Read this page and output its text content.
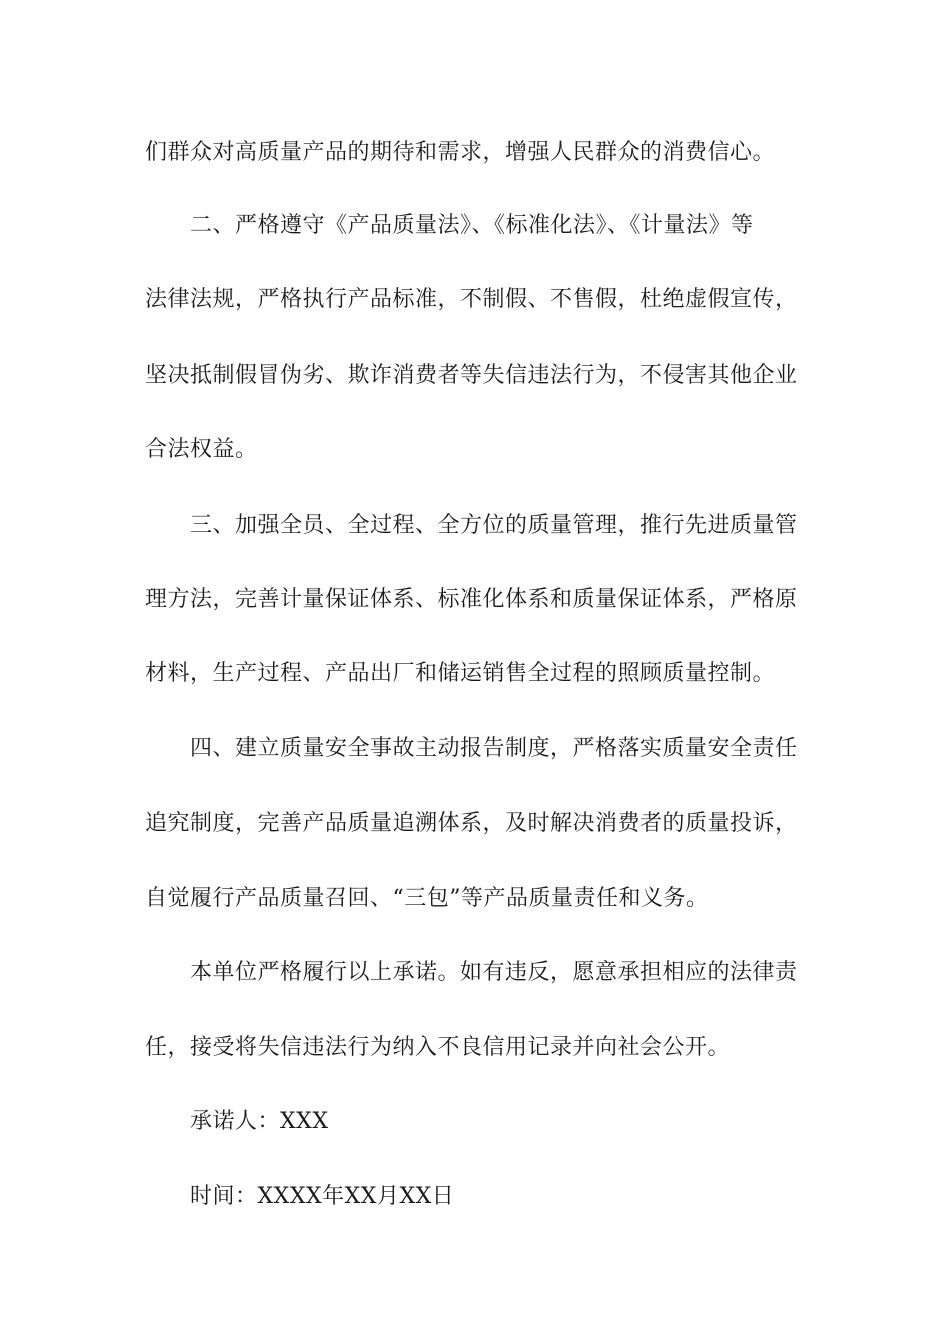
们群众对高质量产品的期待和需求，增强人民群众的消费信心。
二、严格遵守《产品质量法》、《标准化法》、《计量法》等
法律法规，严格执行产品标准，不制假、不售假，杜绝虚假宣传，
坚决抵制假冒伪劣、欺诈消费者等失信违法行为，不侵害其他企业
合法权益。
三、加强全员、全过程、全方位的质量管理，推行先进质量管
理方法，完善计量保证体系、标准化体系和质量保证体系，严格原
材料，生产过程、产品出厂和储运销售全过程的照顾质量控制。
四、建立质量安全事故主动报告制度，严格落实质量安全责任
追究制度，完善产品质量追溯体系，及时解决消费者的质量投诉，
自觉履行产品质量召回、“三包”等产品质量责任和义务。
本单位严格履行以上承诺。如有违反，愿意承担相应的法律责
任，接受将失信违法行为纳入不良信用记录并向社会公开。
承诺人：XXX
时间：XXXX年XX月XX日
